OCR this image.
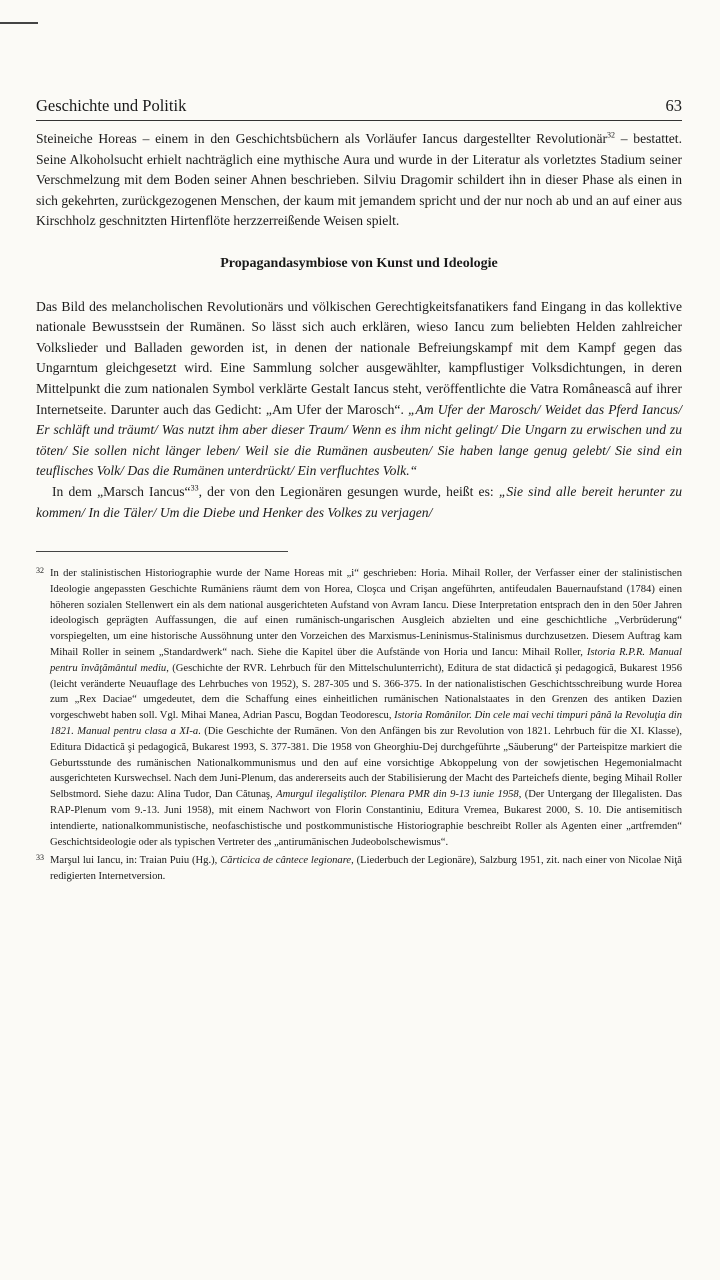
Geschichte und Politik	63

Steineiche Horeas – einem in den Geschichtsbüchern als Vorläufer Iancus dargestellter Revolutionär$^{32}$ – bestattet. Seine Alkoholsucht erhielt nachträglich eine mythische Aura und wurde in der Literatur als vorletztes Stadium seiner Verschmelzung mit dem Boden seiner Ahnen beschrieben. Silviu Dragomir schildert ihn in dieser Phase als einen in sich gekehrten, zurückgezogenen Menschen, der kaum mit jemandem spricht und der nur noch ab und an auf einer aus Kirschholz geschnitzten Hirtenflöte herzzerreißende Weisen spielt.

Propagandasymbiose von Kunst und Ideologie

Das Bild des melancholischen Revolutionärs und völkischen Gerechtigkeitsfanatikers fand Eingang in das kollektive nationale Bewusstsein der Rumänen. So lässt sich auch erklären, wieso Iancu zum beliebten Helden zahlreicher Volkslieder und Balladen geworden ist, in denen der nationale Befreiungskampf mit dem Kampf gegen das Ungarntum gleichgesetzt wird. Eine Sammlung solcher ausgewählter, kampflustiger Volksdichtungen, in deren Mittelpunkt die zum nationalen Symbol verklärte Gestalt Iancus steht, veröffentlichte die Vatra Româneascâ auf ihrer Internetseite. Darunter auch das Gedicht: „Am Ufer der Marosch“. „Am Ufer der Marosch/ Weidet das Pferd Iancus/ Er schläft und träumt/ Was nutzt ihm aber dieser Traum/ Wenn es ihm nicht gelingt/ Die Ungarn zu erwischen und zu töten/ Sie sollen nicht länger leben/ Weil sie die Rumänen ausbeuten/ Sie haben lange genug gelebt/ Sie sind ein teuflisches Volk/ Das die Rumänen unterdrückt/ Ein verfluchtes Volk.“

In dem „Marsch Iancus“$^{33}$, der von den Legionären gesungen wurde, heißt es: „Sie sind alle bereit herunter zu kommen/ In die Täler/ Um die Diebe und Henker des Volkes zu verjagen/

32 In der stalinistischen Historiographie wurde der Name Horeas mit „i“ geschrieben: Horia. Mihail Roller, der Verfasser einer der stalinistischen Ideologie angepassten Geschichte Rumäniens räumt dem von Horea, Cloşca und Crişan angeführten, antifeudalen Bauernaufstand (1784) einen höheren sozialen Stellenwert ein als dem national ausgerichteten Aufstand von Avram Iancu. Diese Interpretation entsprach den in den 50er Jahren ideologisch geprägten Auffassungen, die auf einen rumänisch-ungarischen Ausgleich abzielten und eine geschichtliche „Verbrüderung“ vorspiegelten, um eine historische Aussöhnung unter den Vorzeichen des Marxismus-Leninismus-Stalinismus durchzusetzen. Diesem Auftrag kam Mihail Roller in seinem „Standardwerk“ nach. Siehe die Kapitel über die Aufstände von Horia und Iancu: Mihail Roller, Istoria R.P.R. Manual pentru învăţământul mediu, (Geschichte der RVR. Lehrbuch für den Mittelschulunterricht), Editura de stat didactică şi pedagogică, Bukarest 1956 (leicht veränderte Neuauflage des Lehrbuches von 1952), S. 287-305 und S. 366-375. In der nationalistischen Geschichtsschreibung wurde Horea zum „Rex Daciae“ umgedeutet, dem die Schaffung eines einheitlichen rumänischen Nationalstaates in den Grenzen des antiken Dazien vorgeschwebt haben soll. Vgl. Mihai Manea, Adrian Pascu, Bogdan Teodorescu, Istoria Românilor. Din cele mai vechi timpuri până la Revoluţia din 1821. Manual pentru clasa a XI-a. (Die Geschichte der Rumänen. Von den Anfängen bis zur Revolution von 1821. Lehrbuch für die XI. Klasse), Editura Didactică şi pedagogică, Bukarest 1993, S. 377-381. Die 1958 von Gheorghiu-Dej durchgeführte „Säuberung“ der Parteispitze markiert die Geburtsstunde des rumänischen Nationalkommunismus und den auf eine vorsichtige Abkoppelung von der sowjetischen Hegemonialmacht ausgerichteten Kurswechsel. Nach dem Juni-Plenum, das andererseits auch der Stabilisierung der Macht des Parteichefs diente, beging Mihail Roller Selbstmord. Siehe dazu: Alina Tudor, Dan Cătunaş, Amurgul ilegaliştilor. Plenara PMR din 9-13 iunie 1958, (Der Untergang der Illegalisten. Das RAP-Plenum vom 9.-13. Juni 1958), mit einem Nachwort von Florin Constantiniu, Editura Vremea, Bukarest 2000, S. 10. Die antisemitisch intendierte, nationalkommunistische, neofaschistische und postkommunistische Historiographie beschreibt Roller als Agenten einer „artfremden“ Geschichtsideologie oder als typischen Vertreter des „antirumänischen Judeobolschewismus“.

33 Marşul lui Iancu, in: Traian Puiu (Hg.), Cărticica de cântece legionare, (Liederbuch der Legionäre), Salzburg 1951, zit. nach einer von Nicolae Niţă redigierten Internetversion.
